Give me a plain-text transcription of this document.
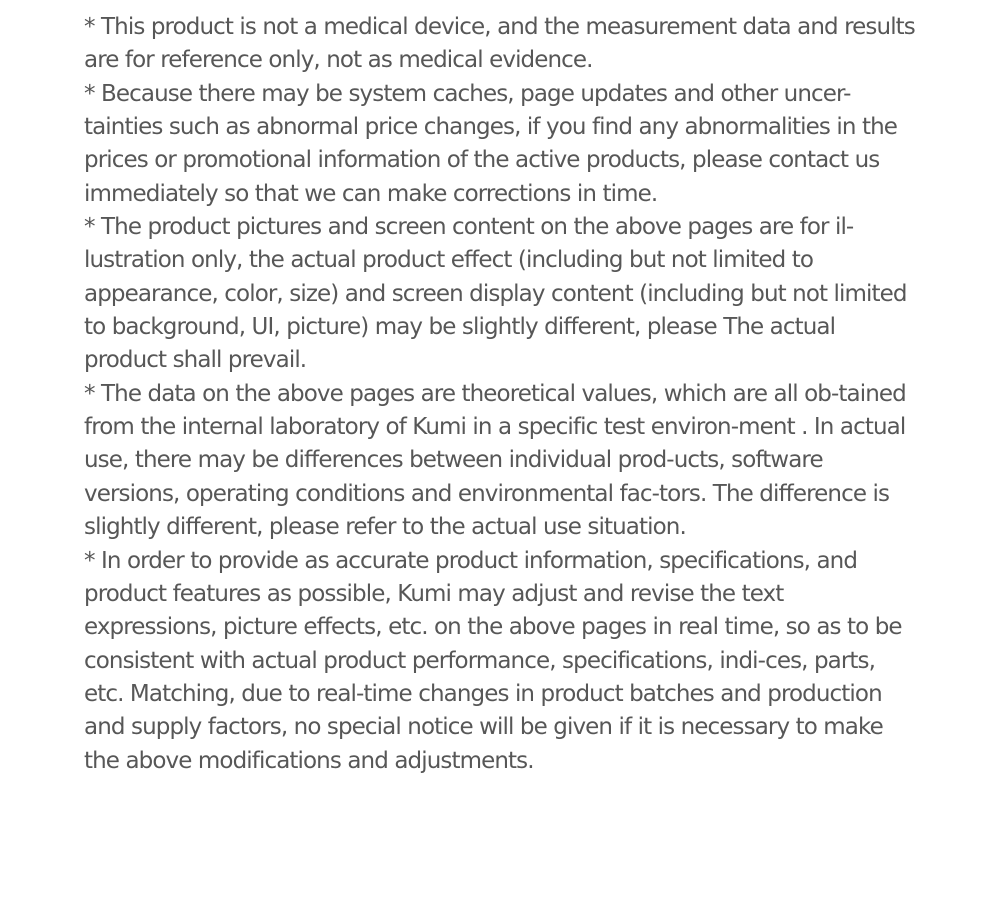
* This product is not a medical device, and the measurement data and results are for reference only, not as medical evidence.
* Because there may be system caches, page updates and other uncer-tainties such as abnormal price changes, if you find any abnormalities in the prices or promotional information of the active products, please contact us immediately so that we can make corrections in time.
* The product pictures and screen content on the above pages are for il-lustration only, the actual product effect (including but not limited to appearance, color, size) and screen display content (including but not limited to background, UI, picture) may be slightly different, please The actual product shall prevail.
* The data on the above pages are theoretical values, which are all ob-tained from the internal laboratory of Kumi in a specific test environ-ment . In actual use, there may be differences between individual prod-ucts, software versions, operating conditions and environmental fac-tors. The difference is slightly different, please refer to the actual use situation.
* In order to provide as accurate product information, specifications, and product features as possible, Kumi may adjust and revise the text expressions, picture effects, etc. on the above pages in real time, so as to be consistent with actual product performance, specifications, indi-ces, parts, etc. Matching, due to real-time changes in product batches and production and supply factors, no special notice will be given if it is necessary to make the above modifications and adjustments.
